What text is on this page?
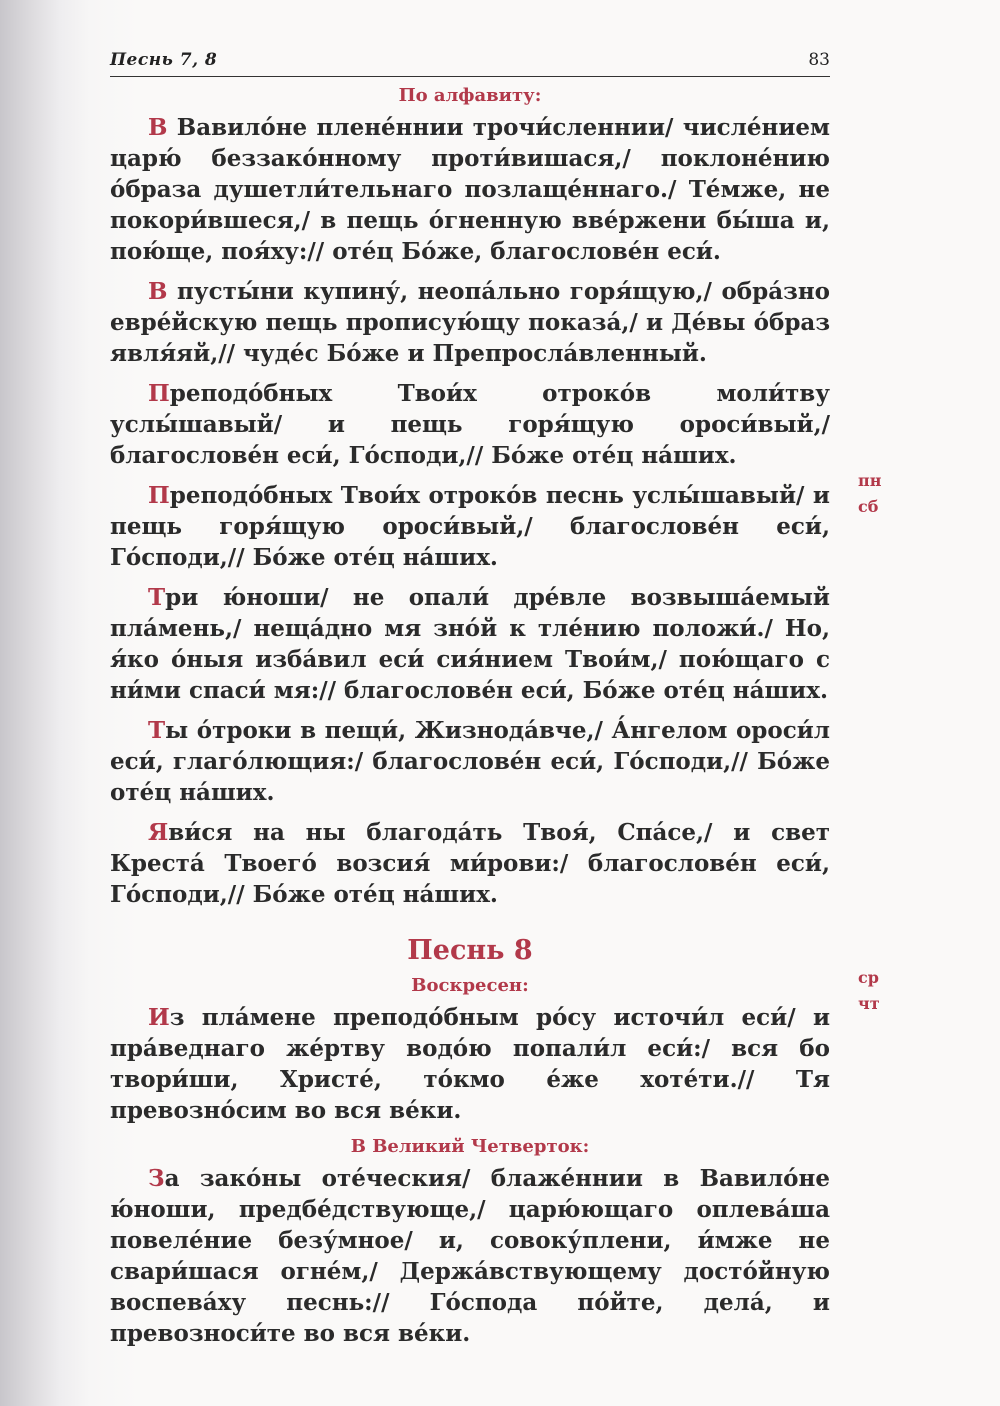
Песнь 7, 8	83
По алфавиту:

В Вавило́не плене́ннии трочи́сленнии/ числе́нием царю́ беззако́нному проти́вишася,/ поклоне́нию о́браза душетли́тельнаго позлаще́ннаго./ Те́мже, не покори́вшеся,/ в пещь о́гненную вве́ржени бы́ша и, пою́ще, поя́ху:// оте́ц Бо́же, благослове́н еси́.

В пусты́ни купину́, неопа́льно горя́щую,/ обра́зно евре́йскую пещь прописую́щу показа́,/ и Де́вы о́браз явля́яй,// чуде́с Бо́же и Препросла́вленный.

Преподо́бных Твои́х отроко́в моли́тву услы́шавый/ и пещь горя́щую ороси́вый,/ благослове́н еси́, Го́споди,// Бо́же оте́ц на́ших.

Преподо́бных Твои́х отроко́в песнь услы́шавый/ и пещь горя́щую ороси́вый,/ благослове́н еси́, Го́споди,// Бо́же оте́ц на́ших.

Три ю́ноши/ не опали́ дре́вле возвыша́емый пла́мень,/ неща́дно мя зно́й к тле́нию положи́./ Но, я́ко о́ныя изба́вил еси́ сия́нием Твои́м,/ пою́щаго с ни́ми спаси́ мя:// благослове́н еси́, Бо́же оте́ц на́ших.

Ты о́троки в пещи́, Жизнода́вче,/ А́нгелом ороси́л еси́, глаго́лющия:/ благослове́н еси́, Го́споди,// Бо́же оте́ц на́ших.

Яви́ся на ны благода́ть Твоя́, Спа́се,/ и свет Креста́ Твоего́ возсия́ ми́рови:/ благослове́н еси́, Го́споди,// Бо́же оте́ц на́ших.

Песнь 8
Воскресен:

Из пла́мене преподо́бным ро́су источи́л еси́/ и пра́веднаго же́ртву водо́ю попали́л еси́:/ вся бо твори́ши, Христе́, то́кмо е́же хоте́ти.// Тя превозно́сим во вся ве́ки.

В Великий Четверток:

За зако́ны оте́ческия/ блаже́ннии в Вавило́не ю́ноши, предбе́дствующе,/ царю́ющаго оплева́ша повеле́ние безу́мное/ и, совоку́плени, и́мже не свари́шася огне́м,/ Держа́вствующему досто́йную воспева́ху песнь:// Го́спода по́йте, дела́, и превозноси́те во вся ве́ки.

пн
сб
ср
чт
